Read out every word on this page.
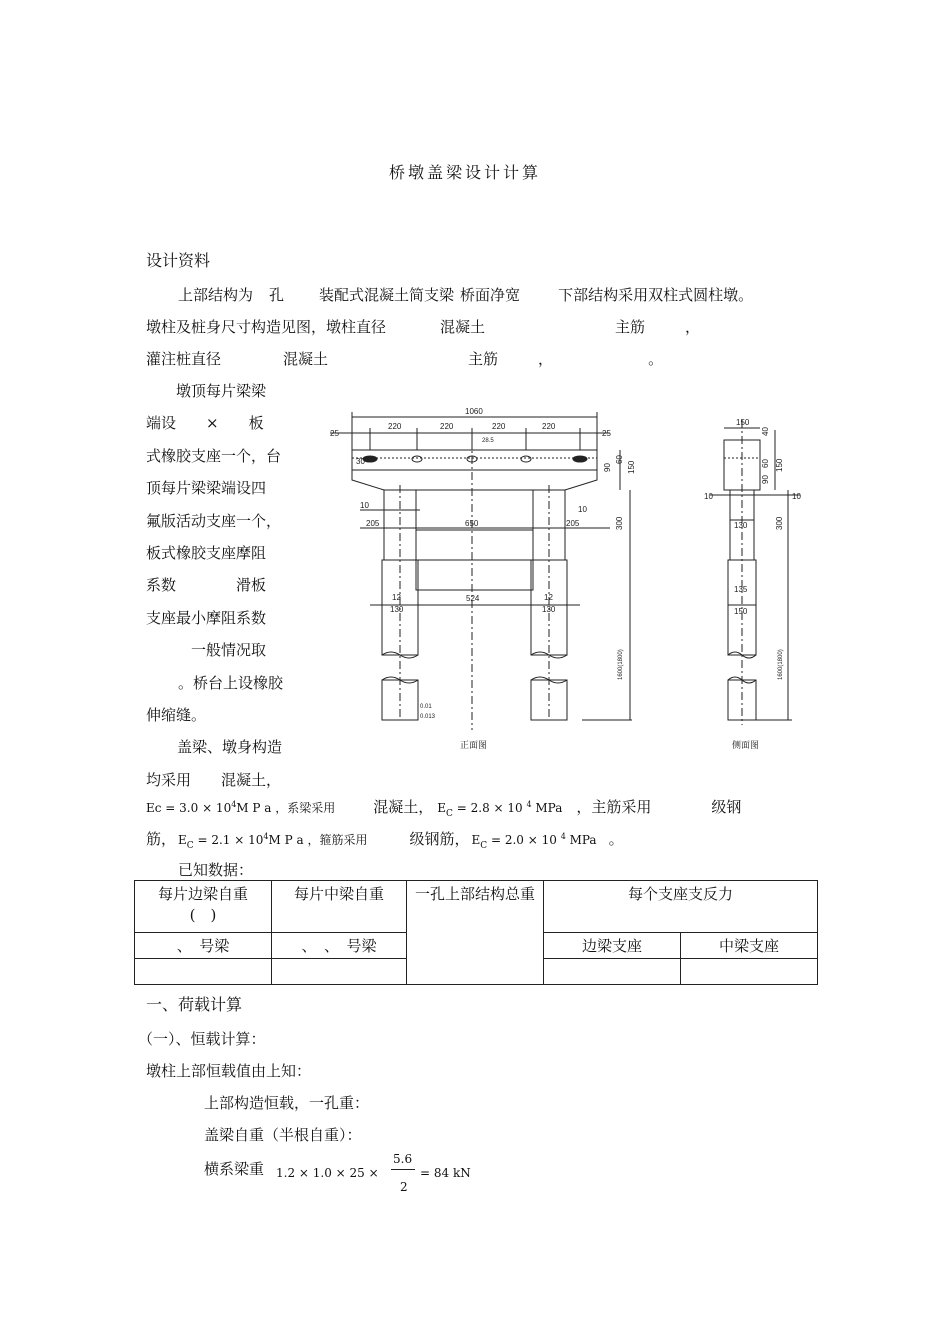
桥墩盖梁设计计算
设计资料
上部结构为 孔 装配式混凝土简支梁 桥面净宽	下部结构采用双柱式圆柱墩。
墩柱及桩身尺寸构造见图，墩柱直径	混凝土	主筋	，
灌注桩直径	混凝土	主筋	，	。
墩顶每片梁梁
端设　　×　　板
式橡胶支座一个，台
顶每片梁梁端设四
氟版活动支座一个，
板式橡胶支座摩阻
系数　　　　滑板
支座最小摩阻系数
　　　一般情况取
。桥台上设橡胶
伸缩缝。
　盖梁、墩身构造
均采用　　混凝土，
1060
25
220	220	220	220
25
28.5
30
90
60
150
10	10
205	650	205	300
12
130
524	12
130
1600(1800)
0.01
0.013
正面图
150
40
10	10
60
90
150
130	300
135
150
1600(1800)
侧面图
$Ec = 3.0 \times 10^4M$ P a ，系梁采用	混凝土， $E_C = 2.8 \times 10$ $^4$ MPa ，主筋采用	级钢
筋， $E_C = 2.1 \times 10^4M$ P a ，箍筋采用	级钢筋， $E_C = 2.0 \times 10$ $^4$ MPa 。
已知数据：
每片边梁自重
(　)	每片中梁自重	一孔上部结构总重	每个支座支反力	
、　号梁	、　、　号梁		边梁支座	中梁支座

一、荷载计算
（一）、恒载计算：
墩柱上部恒载值由上知：
上部构造恒载，一孔重：
盖梁自重（半根自重）：
横系梁重 1.2 × 1.0 × 25 ×
5.6
2
= 84 kN
